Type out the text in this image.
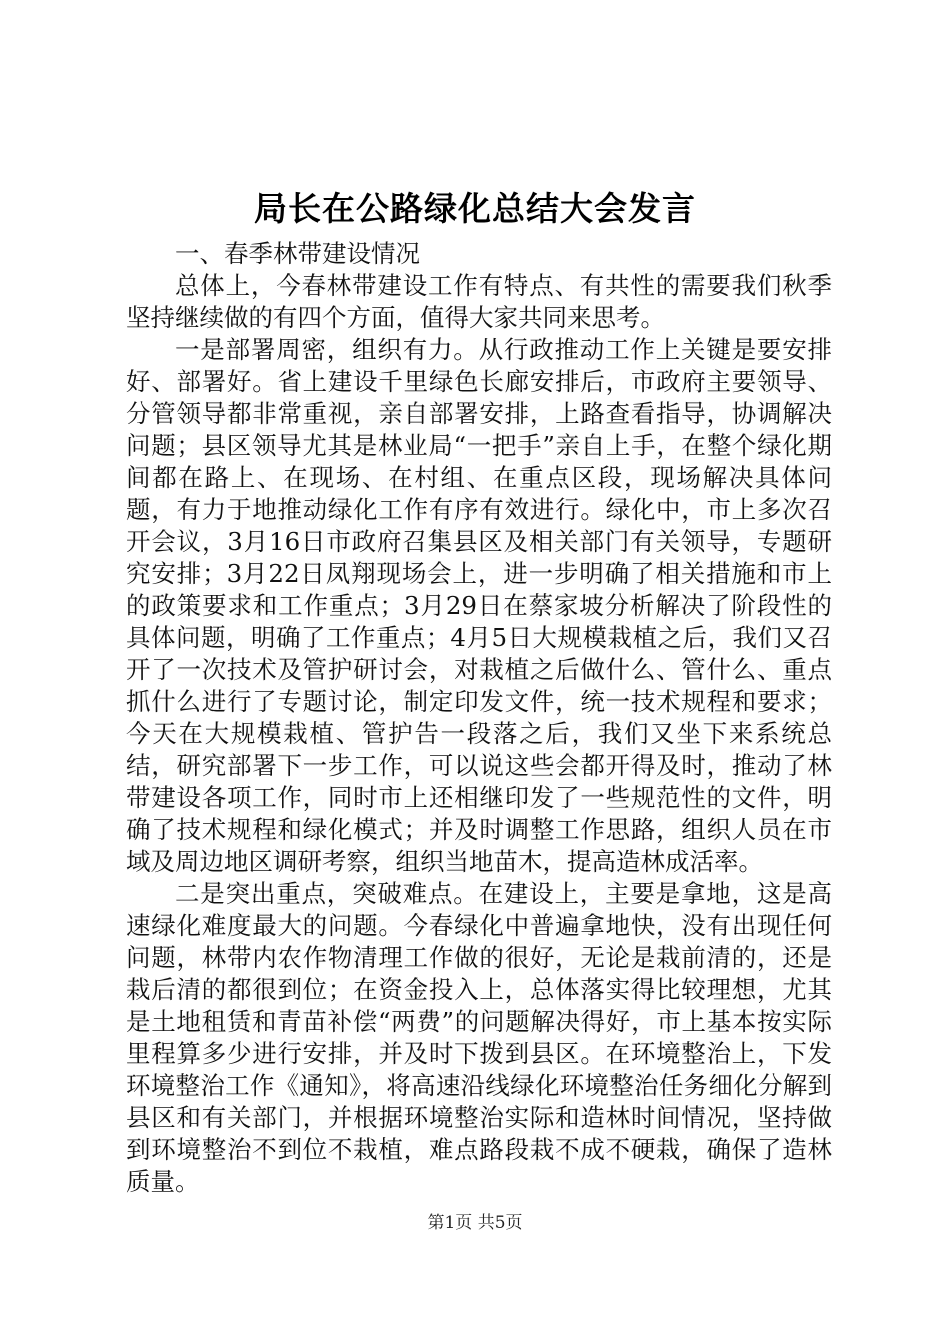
局长在公路绿化总结大会发言

一、春季林带建设情况

总体上，今春林带建设工作有特点、有共性的需要我们秋季坚持继续做的有四个方面，值得大家共同来思考。

一是部署周密，组织有力。从行政推动工作上关键是要安排好、部署好。省上建设千里绿色长廊安排后，市政府主要领导、分管领导都非常重视，亲自部署安排，上路查看指导，协调解决问题；县区领导尤其是林业局“一把手”亲自上手，在整个绿化期间都在路上、在现场、在村组、在重点区段，现场解决具体问题，有力于地推动绿化工作有序有效进行。绿化中，市上多次召开会议，3月16日市政府召集县区及相关部门有关领导，专题研究安排；3月22日凤翔现场会上，进一步明确了相关措施和市上的政策要求和工作重点；3月29日在蔡家坡分析解决了阶段性的具体问题，明确了工作重点；4月5日大规模栽植之后，我们又召开了一次技术及管护研讨会，对栽植之后做什么、管什么、重点抓什么进行了专题讨论，制定印发文件，统一技术规程和要求；今天在大规模栽植、管护告一段落之后，我们又坐下来系统总结，研究部署下一步工作，可以说这些会都开得及时，推动了林带建设各项工作，同时市上还相继印发了一些规范性的文件，明确了技术规程和绿化模式；并及时调整工作思路，组织人员在市域及周边地区调研考察，组织当地苗木，提高造林成活率。

二是突出重点，突破难点。在建设上，主要是拿地，这是高速绿化难度最大的问题。今春绿化中普遍拿地快，没有出现任何问题，林带内农作物清理工作做的很好，无论是栽前清的，还是栽后清的都很到位；在资金投入上，总体落实得比较理想，尤其是土地租赁和青苗补偿“两费”的问题解决得好，市上基本按实际里程算多少进行安排，并及时下拨到县区。在环境整治上，下发环境整治工作《通知》，将高速沿线绿化环境整治任务细化分解到县区和有关部门，并根据环境整治实际和造林时间情况，坚持做到环境整治不到位不栽植，难点路段栽不成不硬栽，确保了造林质量。

第1页 共5页
